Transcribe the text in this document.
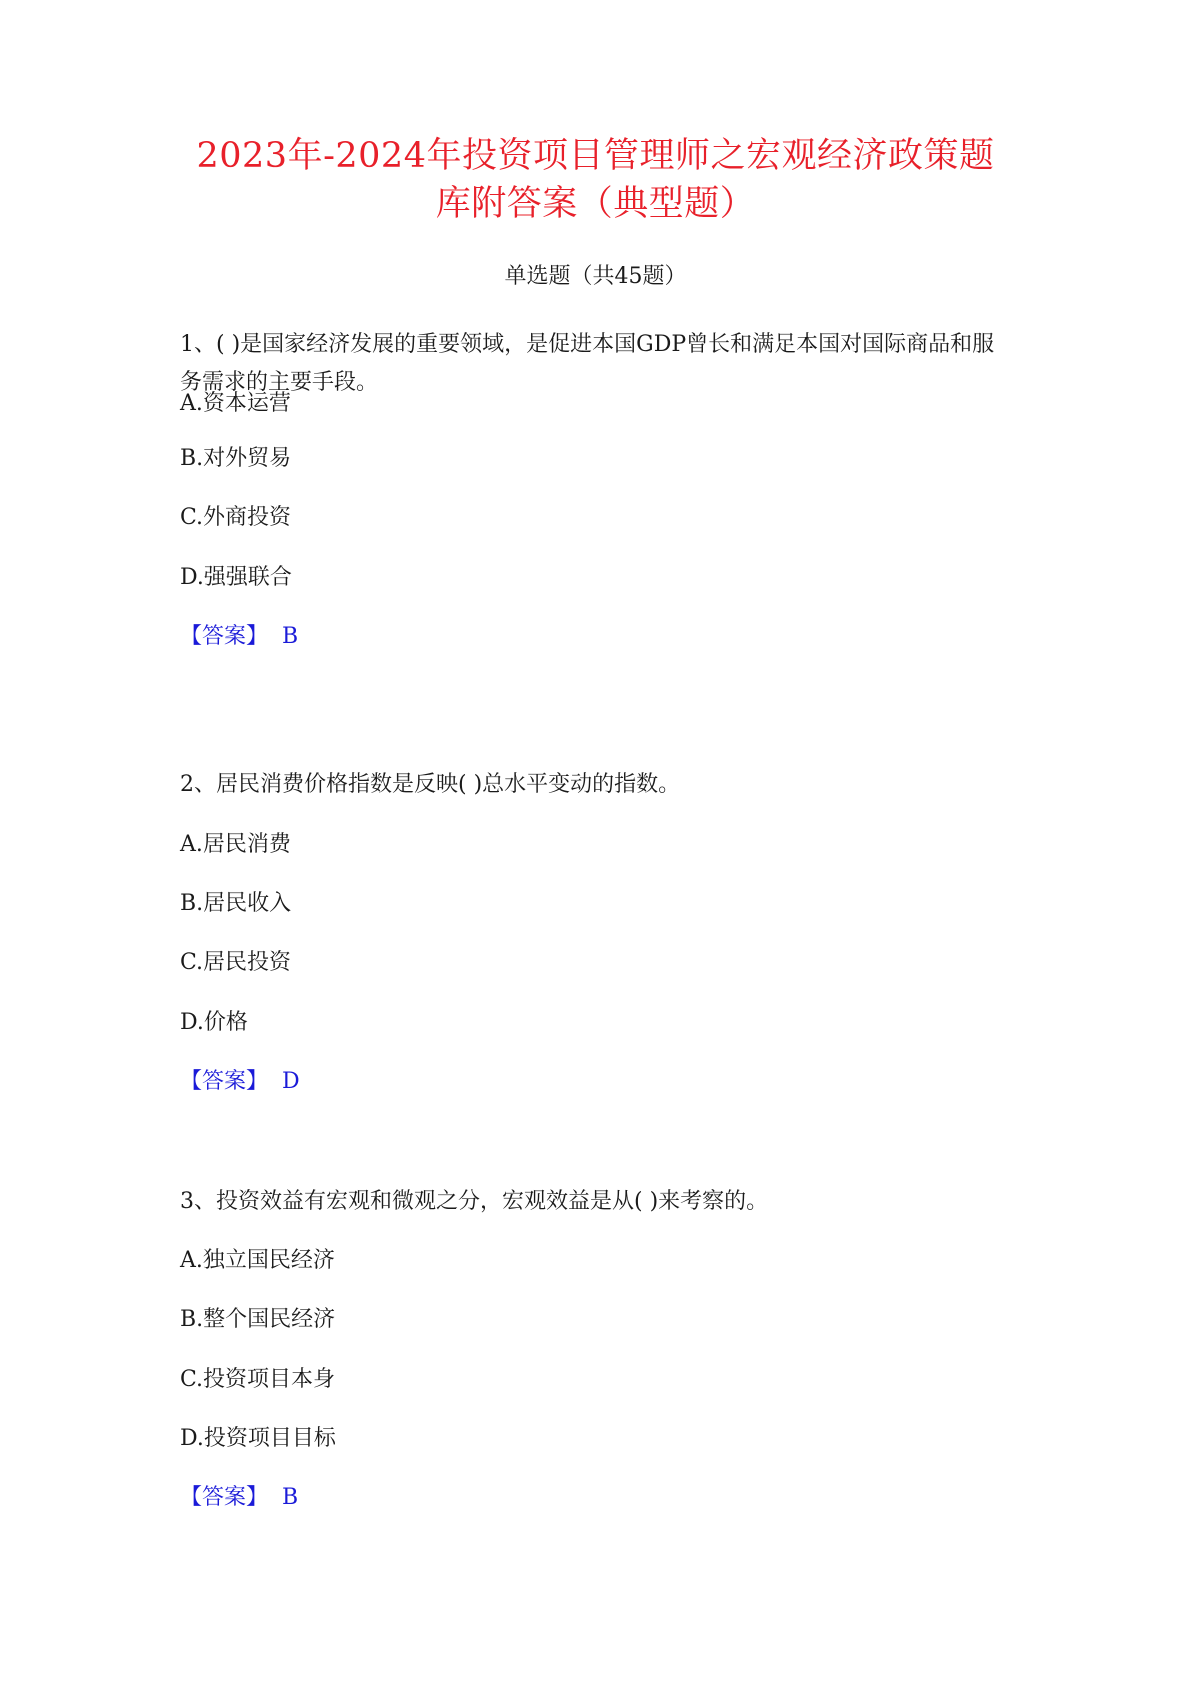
2023年-2024年投资项目管理师之宏观经济政策题
库附答案（典型题）
单选题（共45题）
1、( )是国家经济发展的重要领域，是促进本国GDP曾长和满足本国对国际商品和服务需求的主要手段。
A.资本运营
B.对外贸易
C.外商投资
D.强强联合
【答案】 B
2、居民消费价格指数是反映( )总水平变动的指数。
A.居民消费
B.居民收入
C.居民投资
D.价格
【答案】 D
3、投资效益有宏观和微观之分，宏观效益是从( )来考察的。
A.独立国民经济
B.整个国民经济
C.投资项目本身
D.投资项目目标
【答案】 B
